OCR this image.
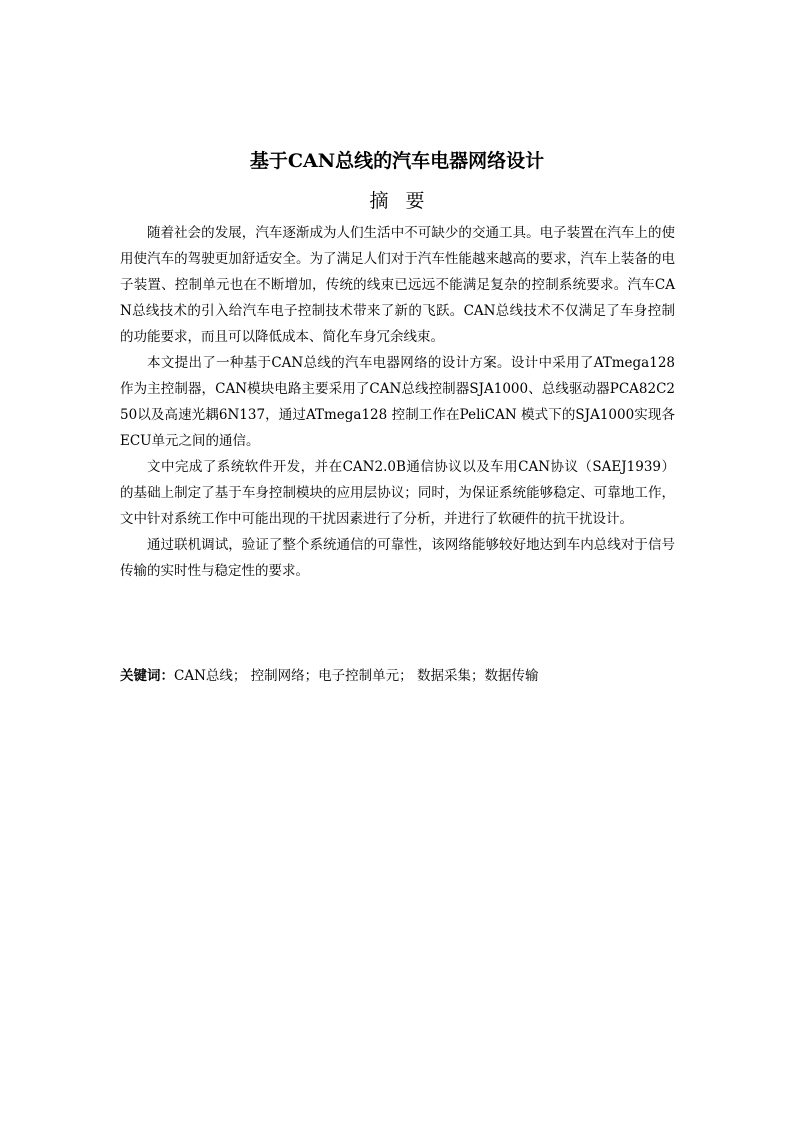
基于CAN总线的汽车电器网络设计
摘要

随着社会的发展，汽车逐渐成为人们生活中不可缺少的交通工具。电子装置在汽车上的使用使汽车的驾驶更加舒适安全。为了满足人们对于汽车性能越来越高的要求，汽车上装备的电子装置、控制单元也在不断增加，传统的线束已远远不能满足复杂的控制系统要求。汽车CAN总线技术的引入给汽车电子控制技术带来了新的飞跃。CAN总线技术不仅满足了车身控制的功能要求，而且可以降低成本、简化车身冗余线束。

本文提出了一种基于CAN总线的汽车电器网络的设计方案。设计中采用了ATmega128 作为主控制器，CAN模块电路主要采用了CAN总线控制器SJA1000、总线驱动器PCA82C250以及高速光耦6N137，通过ATmega128 控制工作在PeliCAN 模式下的SJA1000实现各ECU单元之间的通信。

文中完成了系统软件开发，并在CAN2.0B通信协议以及车用CAN协议（SAEJ1939）的基础上制定了基于车身控制模块的应用层协议；同时，为保证系统能够稳定、可靠地工作，文中针对系统工作中可能出现的干扰因素进行了分析，并进行了软硬件的抗干扰设计。

通过联机调试，验证了整个系统通信的可靠性，该网络能够较好地达到车内总线对于信号传输的实时性与稳定性的要求。

关键词：CAN总线； 控制网络；电子控制单元； 数据采集；数据传输
